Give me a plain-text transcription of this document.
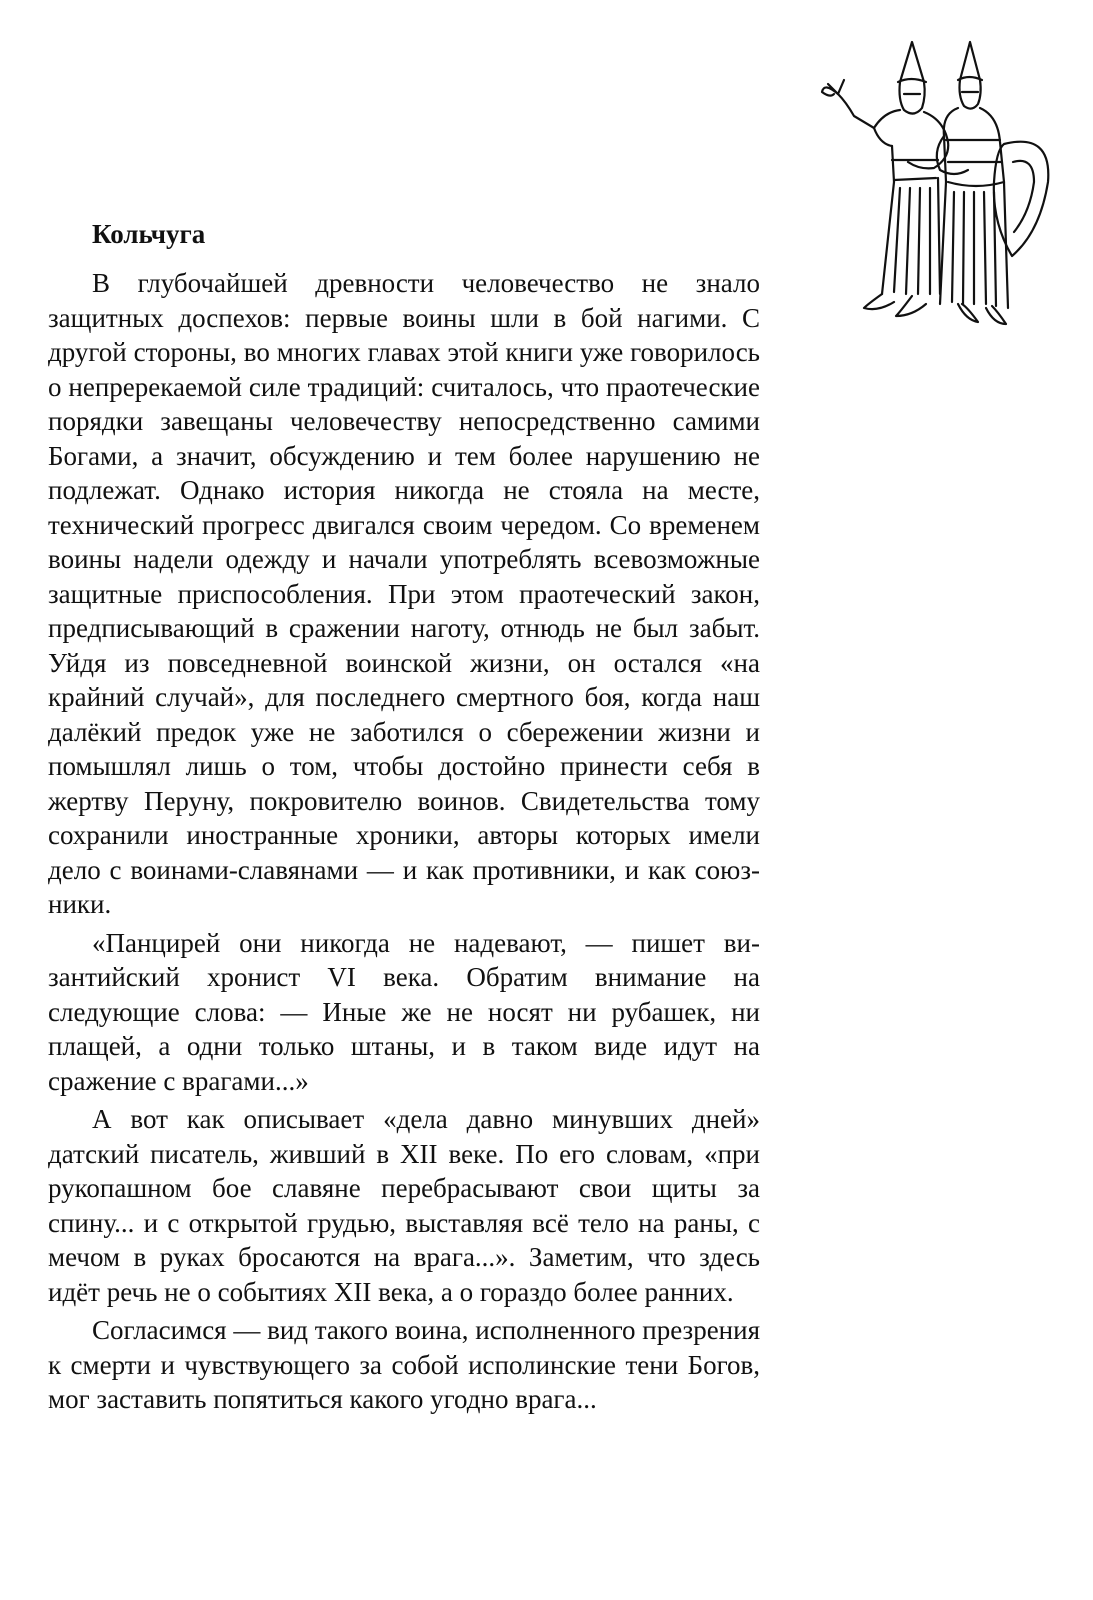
Кольчуга

В глубочайшей древности человечество не знало защитных доспехов: первые воины шли в бой нагими. С другой стороны, во многих главах этой книги уже говорилось о непререкаемой силе традиций: считалось, что праотеческие порядки завещаны человечеству непосредственно самими Богами, а значит, обсуждению и тем более нарушению не подлежат. Однако история никогда не стояла на месте, технический прогресс двигался своим чередом. Со временем воины надели одежду и начали употреблять всевозможные защитные приспособления. При этом праотеческий закон, предписывающий в сражении наготу, отнюдь не был забыт. Уйдя из повседневной воинской жизни, он остался «на крайний случай», для последнего смертного боя, когда наш далёкий предок уже не заботился о сбережении жизни и помышлял лишь о том, чтобы достойно принести себя в жертву Перуну, покровителю воинов. Свидетельства тому сохранили иностранные хроники, авторы которых имели дело с воинами-славянами — и как противники, и как союзники.

«Панцирей они никогда не надевают, — пишет византийский хронист VI века. Обратим внимание на следующие слова: — Иные же не носят ни рубашек, ни плащей, а одни только штаны, и в таком виде идут на сражение с врагами...»

А вот как описывает «дела давно минувших дней» датский писатель, живший в XII веке. По его словам, «при рукопашном бое славяне перебрасывают свои щиты за спину... и с открытой грудью, выставляя всё тело на раны, с мечом в руках бросаются на врага...». Заметим, что здесь идёт речь не о событиях XII века, а о гораздо более ранних.

Согласимся — вид такого воина, исполненного презрения к смерти и чувствующего за собой исполинские тени Богов, мог заставить попятиться какого угодно врага...
